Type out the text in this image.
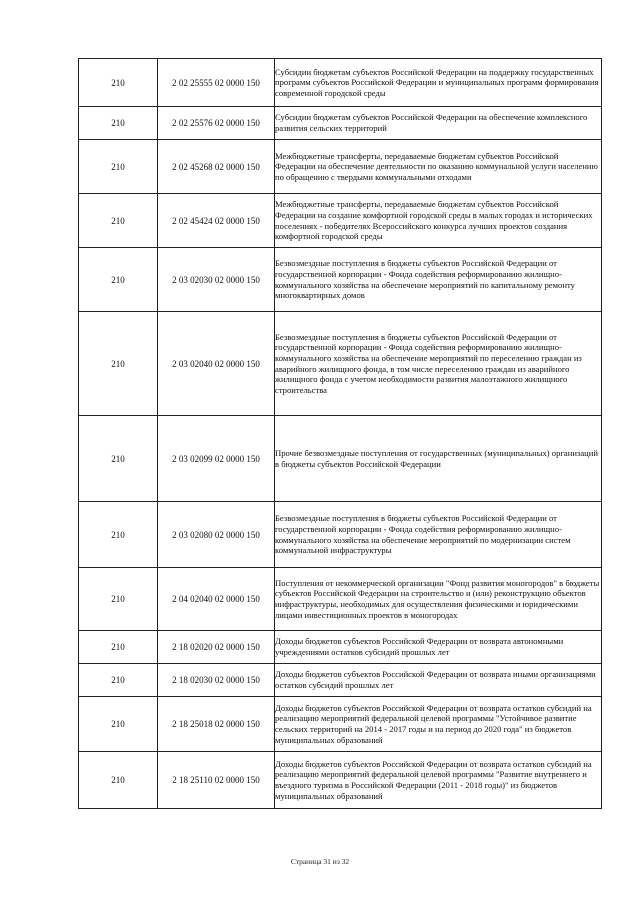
210	2 02 25555 02 0000 150	Субсидии бюджетам субъектов Российской Федерации на поддержку государственных программ субъектов Российской Федерации и муниципальных программ формирования современной городской среды
210	2 02 25576 02 0000 150	Субсидии бюджетам субъектов Российской Федерации на обеспечение комплексного развития сельских территорий
210	2 02 45268 02 0000 150	Межбюджетные трансферты, передаваемые бюджетам субъектов Российской Федерации на обеспечение деятельности по оказанию коммунальной услуги населению по обращению с твердыми коммунальными отходами
210	2 02 45424 02 0000 150	Межбюджетные трансферты, передаваемые бюджетам субъектов Российской Федерации на создание комфортной городской среды в малых городах и исторических поселениях - победителях Всероссийского конкурса лучших проектов создания комфортной городской среды
210	2 03 02030 02 0000 150	Безвозмездные поступления в бюджеты субъектов Российской Федерации от государственной корпорации - Фонда содействия реформированию жилищно-коммунального хозяйства на обеспечение мероприятий по капитальному ремонту многоквартирных домов
210	2 03 02040 02 0000 150	Безвозмездные поступления в бюджеты субъектов Российской Федерации от государственной корпорации - Фонда содействия реформированию жилищно-коммунального хозяйства на обеспечение мероприятий по переселению граждан из аварийного жилищного фонда, в том числе переселению граждан из аварийного жилищного фонда с учетом необходимости развития малоэтажного жилищного строительства
210	2 03 02099 02 0000 150	Прочие безвозмездные поступления от государственных (муниципальных) организаций в бюджеты субъектов Российской Федерации
210	2 03 02080 02 0000 150	Безвозмездные поступления в бюджеты субъектов Российской Федерации от государственной корпорации - Фонда содействия реформированию жилищно-коммунального хозяйства на обеспечение мероприятий по модернизации систем коммунальной инфраструктуры
210	2 04 02040 02 0000 150	Поступления от некоммерческой организации "Фонд развития моногородов" в бюджеты субъектов Российской Федерации на строительство и (или) реконструкцию объектов инфраструктуры, необходимых для осуществления физическими и юридическими лицами инвестиционных проектов в моногородах
210	2 18 02020 02 0000 150	Доходы бюджетов субъектов Российской Федерации от возврата автономными учреждениями остатков субсидий прошлых лет
210	2 18 02030 02 0000 150	Доходы бюджетов субъектов Российской Федерации от возврата иными организациями остатков субсидий прошлых лет
210	2 18 25018 02 0000 150	Доходы бюджетов субъектов Российской Федерации от возврата остатков субсидий на реализацию мероприятий федеральной целевой программы "Устойчивое развитие сельских территорий на 2014 - 2017 годы и на период до 2020 года" из бюджетов муниципальных образований
210	2 18 25110 02 0000 150	Доходы бюджетов субъектов Российской Федерации от возврата остатков субсидий на реализацию мероприятий федеральной целевой программы "Развитие внутреннего и въездного туризма в Российской Федерации (2011 - 2018 годы)" из бюджетов муниципальных образований
Страница 31 из 32
